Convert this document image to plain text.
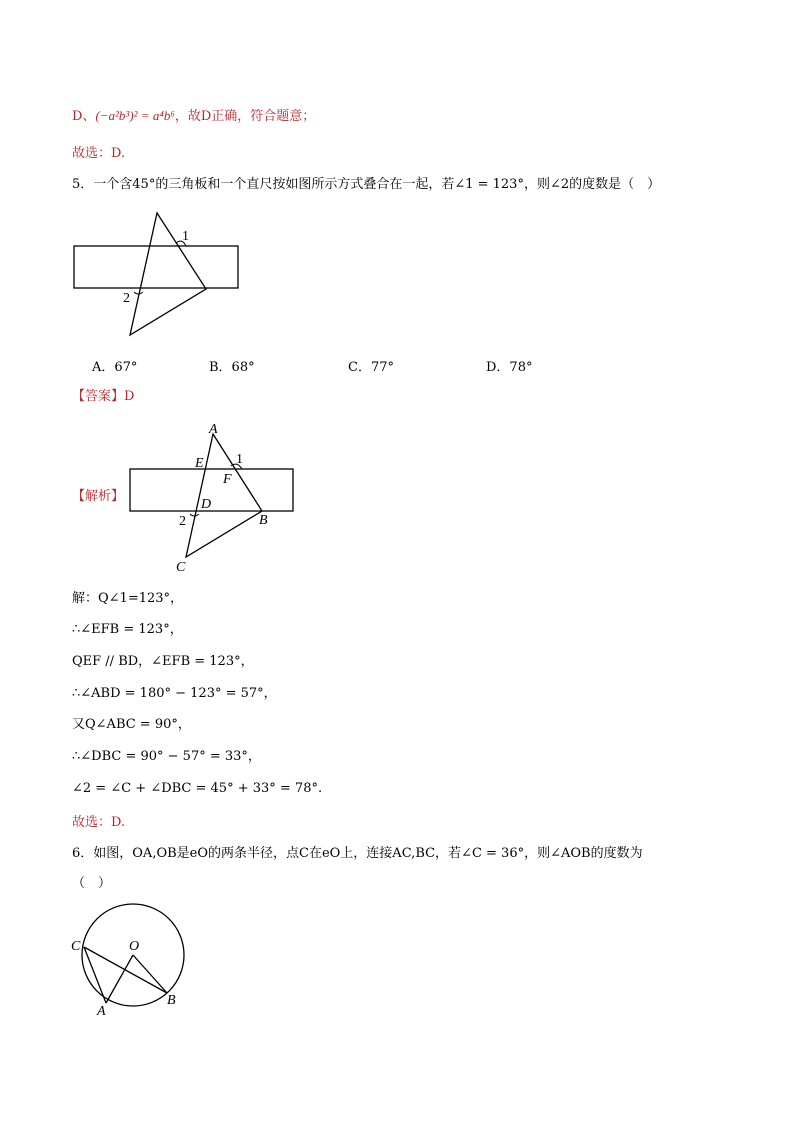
D、(−a²b³)² = a⁴b⁶，故D正确，符合题意；
故选：D.
5．一个含45°的三角板和一个直尺按如图所示方式叠合在一起，若∠1 = 123°，则∠2的度数是（　）
1
2
A．67°	B．68°	C．77°	D．78°
【答案】D
【解析】
A
E 1
F
D
B
2
C
解：Q∠1=123°，
∴∠EFB = 123°，
QEF // BD，∠EFB = 123°，
∴∠ABD = 180° − 123° = 57°，
又Q∠ABC = 90°，
∴∠DBC = 90° − 57° = 33°，
∠2 = ∠C + ∠DBC = 45° + 33° = 78°.
故选：D.
6．如图，OA,OB是eO的两条半径，点C在eO上，连接AC,BC，若∠C = 36°，则∠AOB的度数为
（　）
C	O
A
B
